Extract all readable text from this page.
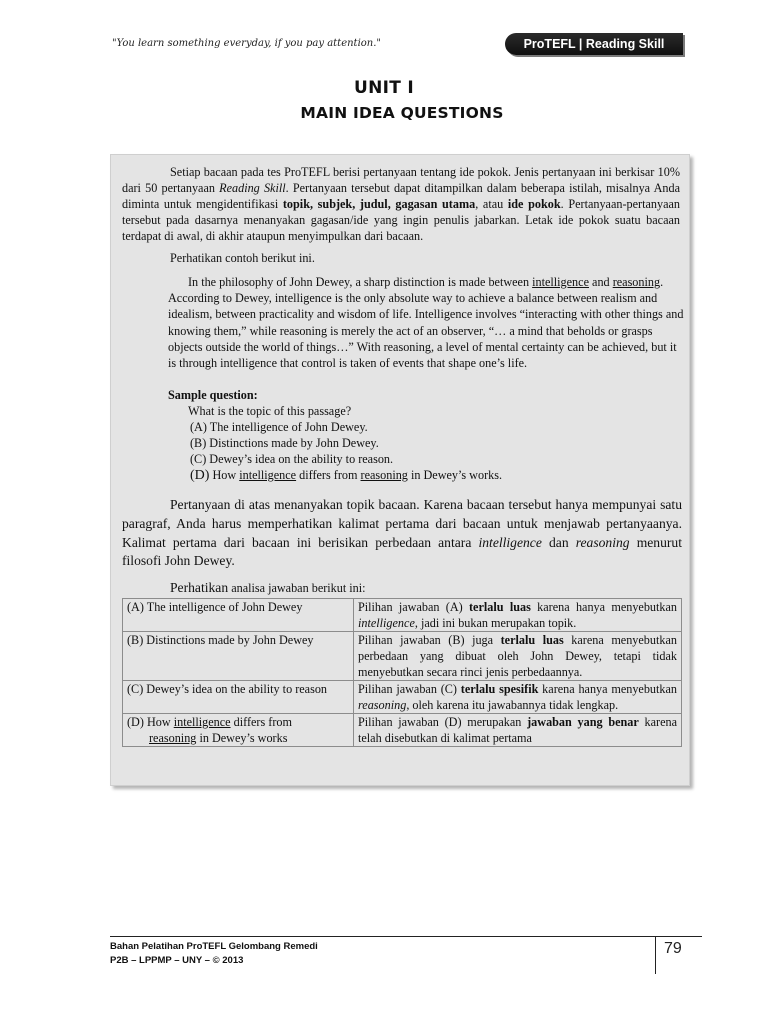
"You learn something everyday, if you pay attention."	ProTEFL | Reading Skill
UNIT I
MAIN IDEA QUESTIONS

Setiap bacaan pada tes ProTEFL berisi pertanyaan tentang ide pokok. Jenis pertanyaan ini berkisar 10% dari 50 pertanyaan Reading Skill. Pertanyaan tersebut dapat ditampilkan dalam beberapa istilah, misalnya Anda diminta untuk mengidentifikasi topik, subjek, judul, gagasan utama, atau ide pokok. Pertanyaan-pertanyaan tersebut pada dasarnya menanyakan gagasan/ide yang ingin penulis jabarkan. Letak ide pokok suatu bacaan terdapat di awal, di akhir ataupun menyimpulkan dari bacaan.

Perhatikan contoh berikut ini.

In the philosophy of John Dewey, a sharp distinction is made between intelligence and reasoning. According to Dewey, intelligence is the only absolute way to achieve a balance between realism and idealism, between practicality and wisdom of life. Intelligence involves “interacting with other things and knowing them,” while reasoning is merely the act of an observer, “… a mind that beholds or grasps objects outside the world of things…” With reasoning, a level of mental certainty can be achieved, but it is through intelligence that control is taken of events that shape one’s life.

Sample question:
What is the topic of this passage?
(A) The intelligence of John Dewey.
(B) Distinctions made by John Dewey.
(C) Dewey’s idea on the ability to reason.
(D) How intelligence differs from reasoning in Dewey’s works.

Pertanyaan di atas menanyakan topik bacaan. Karena bacaan tersebut hanya mempunyai satu paragraf, Anda harus memperhatikan kalimat pertama dari bacaan untuk menjawab pertanyaanya. Kalimat pertama dari bacaan ini berisikan perbedaan antara intelligence dan reasoning menurut filosofi John Dewey.

Perhatikan analisa jawaban berikut ini:
(A) The intelligence of John Dewey	Pilihan jawaban (A) terlalu luas karena hanya menyebutkan intelligence, jadi ini bukan merupakan topik.
(B) Distinctions made by John Dewey	Pilihan jawaban (B) juga terlalu luas karena menyebutkan perbedaan yang dibuat oleh John Dewey, tetapi tidak menyebutkan secara rinci jenis perbedaannya.
(C) Dewey’s idea on the ability to reason	Pilihan jawaban (C) terlalu spesifik karena hanya menyebutkan reasoning, oleh karena itu jawabannya tidak lengkap.
(D) How intelligence differs from
reasoning in Dewey’s works	Pilihan jawaban (D) merupakan jawaban yang benar karena telah disebutkan di kalimat pertama
Bahan Pelatihan ProTEFL Gelombang Remedi
P2B – LPPMP – UNY – © 2013
79
